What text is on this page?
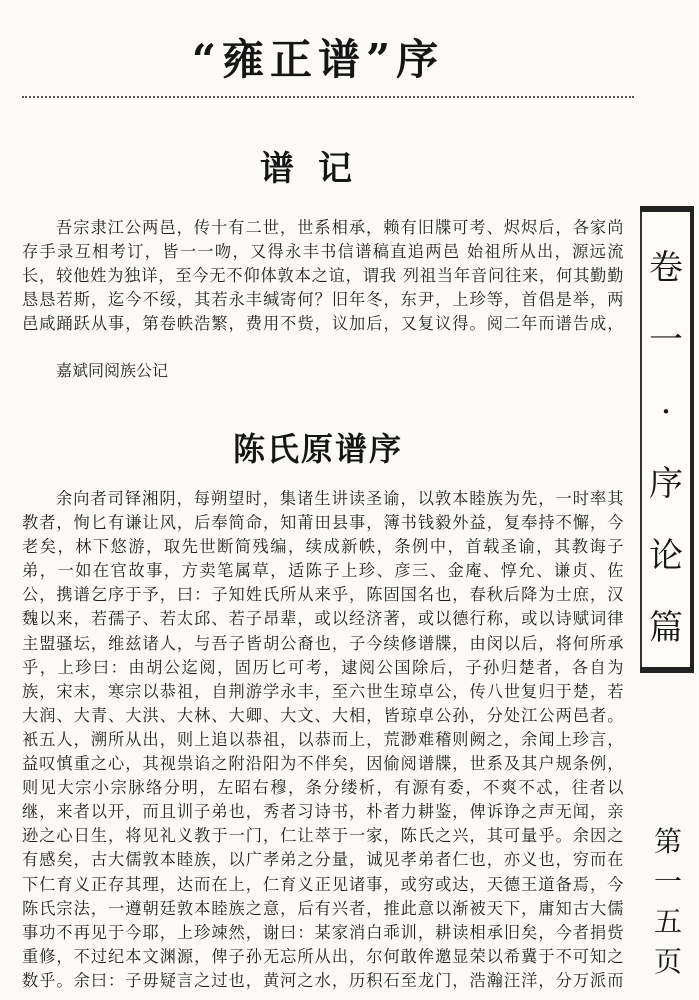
“雍正谱”序
谱记

吾宗隶江公两邑，传十有二世，世系相承，赖有旧牒可考、烬烬后，各家尚存手录互相考订，皆一一吻，又得永丰书信谱稿直追两邑 始祖所从出，源远流长，较他姓为独详，至今无不仰体敦本之谊，谓我 列祖当年音问往来，何其勤勤恳恳若斯，迄今不绥，其若永丰缄寄何？旧年冬，东尹，上珍等，首倡是举，两邑咸踊跃从事，第卷帙浩繁，费用不赀，议加后，又复议得。阅二年而谱告成，

嘉斌同阅族公记

陈氏原谱序

余向者司铎湘阴，每朔望时，集诸生讲读圣谕，以敦本睦族为先，一时率其教者，恂匕有谦让风，后奉简命，知莆田县事，簿书钱毅外益，复奉持不懈，今老矣，林下悠游，取先世断简残编，续成新帙，条例中，首载圣谕，其教诲子弟，一如在官故事，方卖笔属草，适陈子上珍、彦三、金庵、惇允、谦贞、佐公，携谱乞序于予，曰：子知姓氏所从来乎，陈固国名也，春秋后降为士庶，汉魏以来，若孺子、若太邱、若子昂辈，或以经济著，或以德行称，或以诗赋词律主盟骚坛，维兹诸人，与吾子皆胡公裔也，子今续修谱牒，由闵以后，将何所承乎，上珍曰：由胡公迄阅，固历匕可考，逮阅公国除后，子孙归楚者，各自为族，宋末，寒宗以恭祖，自荆游学永丰，至六世生琼卓公，传八世复归于楚，若大润、大青、大洪、大林、大卿、大文、大相，皆琼卓公孙，分处江公两邑者。衹五人，溯所从出，则上追以恭祖，以恭而上，荒渺难稽则阙之，余闻上珍言，益叹慎重之心，其视祟谄之附沿阳为不伴矣，因偷阅谱牒，世系及其户规条例，则见大宗小宗脉络分明，左昭右穆，条分缕析，有源有委，不爽不忒，往者以继，来者以开，而且训子弟也，秀者习诗书，朴者力耕鉴，俾诉诤之声无闻，亲逊之心日生，将见礼义教于一门，仁让萃于一家，陈氏之兴，其可量乎。余因之有感矣，古大儒敦本睦族，以广孝弟之分量，诚见孝弟者仁也，亦义也，穷而在下仁育义正存其理，达而在上，仁育义正见诸事，或穷或达，天德王道备焉，今陈氏宗法，一遵朝廷敦本睦族之意，后有兴者，推此意以渐被天下，庸知古大儒事功不再见于今耶，上珍竦然，谢曰：某家消白乖训，耕读相承旧矣，今者捐赀重修，不过纪本文渊源，俾子孙无忘所从出，尔何敢侔邀显荣以希冀于不可知之数乎。余曰：子毋疑言之过也，黄河之水，历积石至龙门，浩瀚汪洋，分万派而

卷
一
·
序
论
篇
第
一
五
页
